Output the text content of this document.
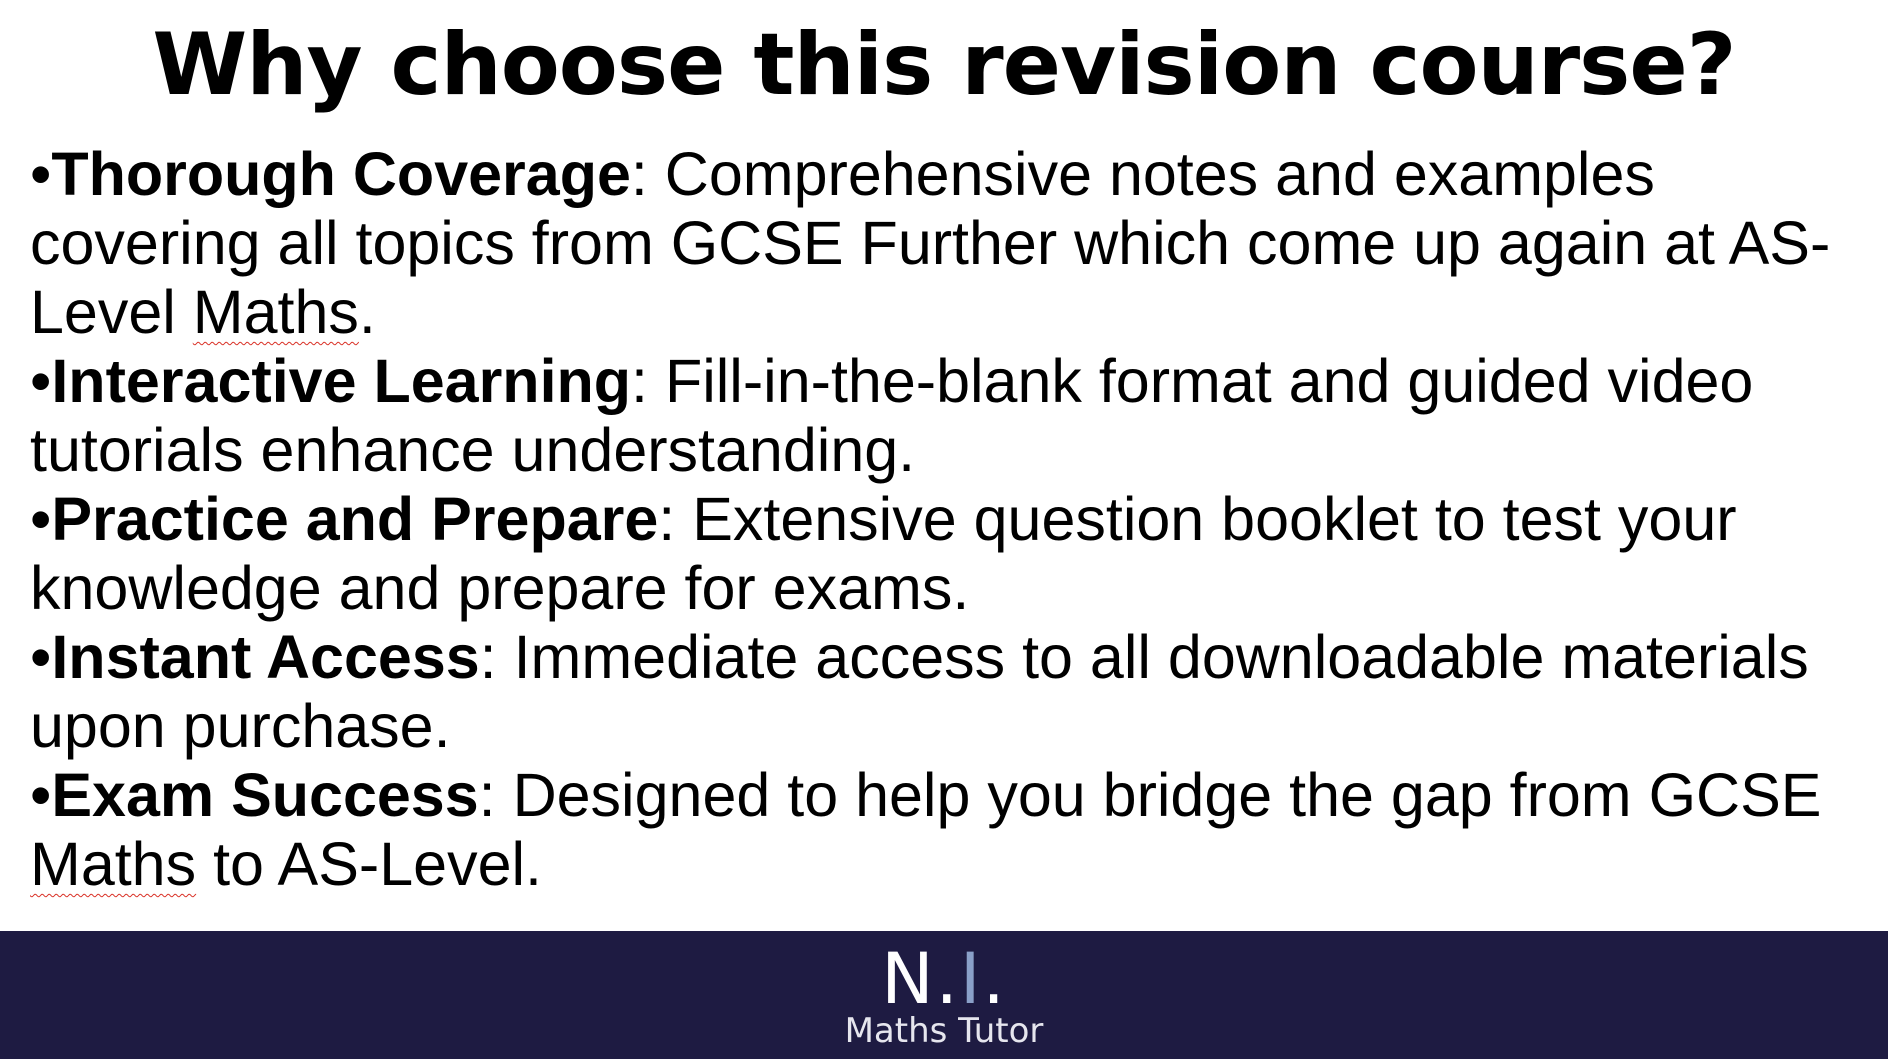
Why choose this revision course?
•Thorough Coverage: Comprehensive notes and examples covering all topics from GCSE Further which come up again at AS-Level Maths.
•Interactive Learning: Fill-in-the-blank format and guided video tutorials enhance understanding.
•Practice and Prepare: Extensive question booklet to test your knowledge and prepare for exams.
•Instant Access: Immediate access to all downloadable materials upon purchase.
•Exam Success: Designed to help you bridge the gap from GCSE Maths to AS-Level.
N.I.
Maths Tutor
